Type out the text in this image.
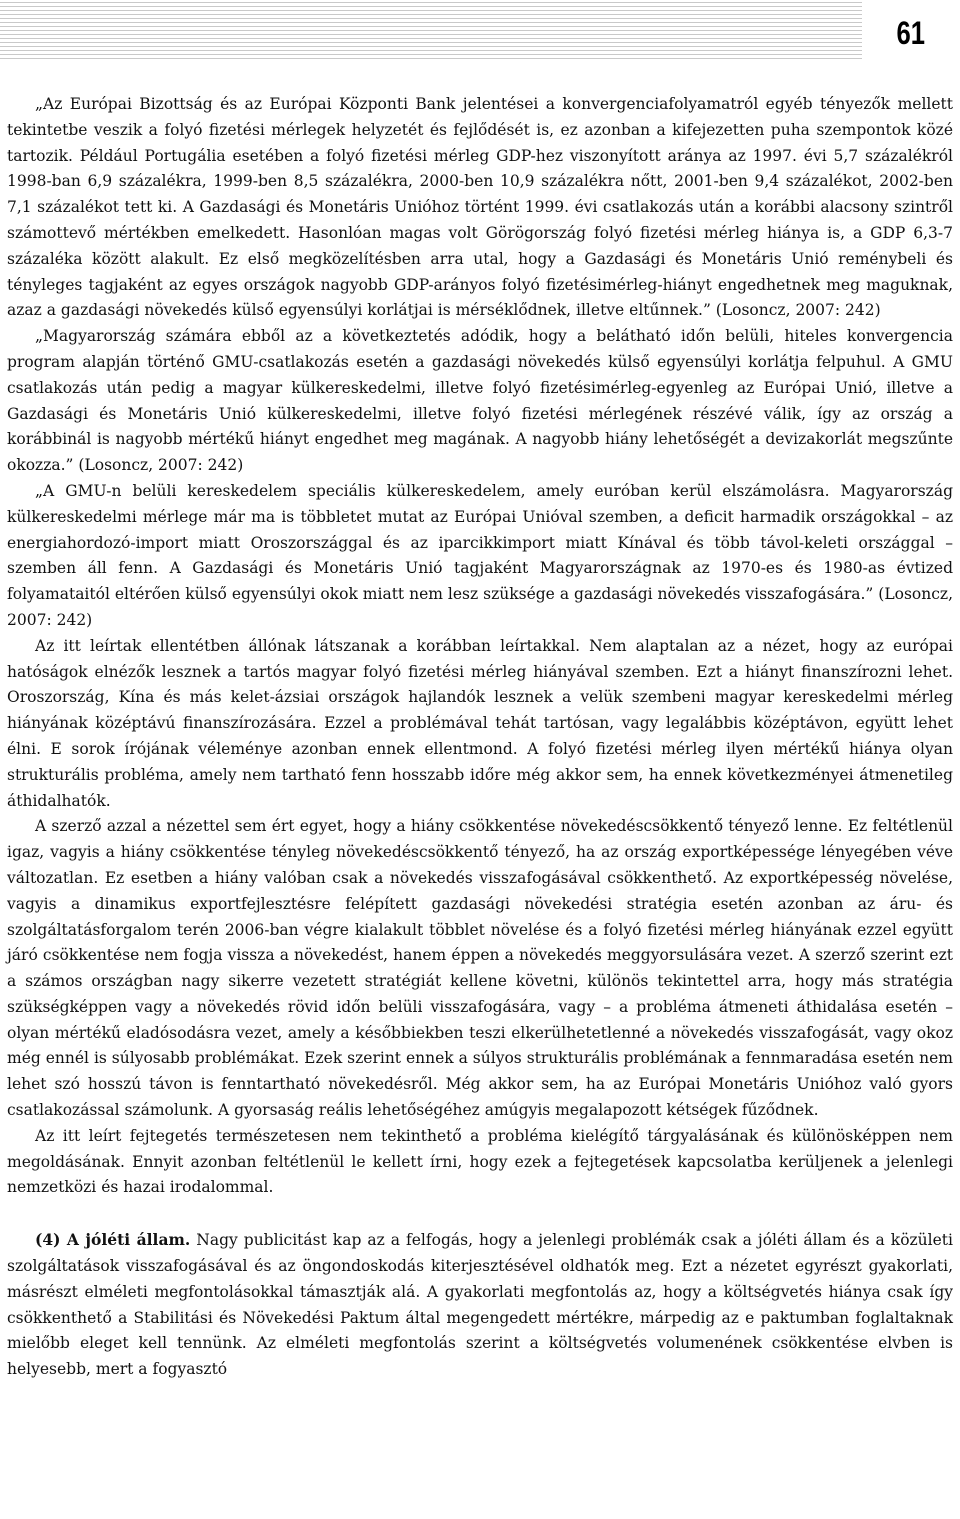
61

„Az Európai Bizottság és az Európai Központi Bank jelentései a konvergenciafolyamatról egyéb tényezők mellett tekintetbe veszik a folyó fizetési mérlegek helyzetét és fejlődését is, ez azonban a kifejezetten puha szempontok közé tartozik. Például Portugália esetében a folyó fizetési mérleg GDP-hez viszonyított aránya az 1997. évi 5,7 százalékról 1998-ban 6,9 százalékra, 1999-ben 8,5 százalékra, 2000-ben 10,9 százalékra nőtt, 2001-ben 9,4 százalékot, 2002-ben 7,1 százalékot tett ki. A Gazdasági és Monetáris Unióhoz történt 1999. évi csatlakozás után a korábbi alacsony szintről számottevő mértékben emelkedett. Hasonlóan magas volt Görögország folyó fizetési mérleg hiánya is, a GDP 6,3-7 százaléka között alakult. Ez első megközelítésben arra utal, hogy a Gazdasági és Monetáris Unió reménybeli és tényleges tagjaként az egyes országok nagyobb GDP-arányos folyó fizetésimérleg-hiányt engedhetnek meg maguknak, azaz a gazdasági növekedés külső egyensúlyi korlátjai is mérséklődnek, illetve eltűnnek.” (Losoncz, 2007: 242)

„Magyarország számára ebből az a következtetés adódik, hogy a belátható időn belüli, hiteles konvergencia program alapján történő GMU-csatlakozás esetén a gazdasági növekedés külső egyensúlyi korlátja felpuhul. A GMU csatlakozás után pedig a magyar külkereskedelmi, illetve folyó fizetésimérleg-egyenleg az Európai Unió, illetve a Gazdasági és Monetáris Unió külkereskedelmi, illetve folyó fizetési mérlegének részévé válik, így az ország a korábbinál is nagyobb mértékű hiányt engedhet meg magának. A nagyobb hiány lehetőségét a devizakorlát megszűnte okozza.” (Losoncz, 2007: 242)

„A GMU-n belüli kereskedelem speciális külkereskedelem, amely euróban kerül elszámolásra. Magyarország külkereskedelmi mérlege már ma is többletet mutat az Európai Unióval szemben, a deficit harmadik országokkal – az energiahordozó-import miatt Oroszországgal és az iparcikkimport miatt Kínával és több távol-keleti országgal – szemben áll fenn. A Gazdasági és Monetáris Unió tagjaként Magyarországnak az 1970-es és 1980-as évtized folyamataitól eltérően külső egyensúlyi okok miatt nem lesz szüksége a gazdasági növekedés visszafogására.” (Losoncz, 2007: 242)

Az itt leírtak ellentétben állónak látszanak a korábban leírtakkal. Nem alaptalan az a nézet, hogy az európai hatóságok elnézők lesznek a tartós magyar folyó fizetési mérleg hiányával szemben. Ezt a hiányt finanszírozni lehet. Oroszország, Kína és más kelet-ázsiai országok hajlandók lesznek a velük szembeni magyar kereskedelmi mérleg hiányának középtávú finanszírozására. Ezzel a problémával tehát tartósan, vagy legalábbis középtávon, együtt lehet élni. E sorok írójának véleménye azonban ennek ellentmond. A folyó fizetési mérleg ilyen mértékű hiánya olyan strukturális probléma, amely nem tartható fenn hosszabb időre még akkor sem, ha ennek következményei átmenetileg áthidalhatók.

A szerző azzal a nézettel sem ért egyet, hogy a hiány csökkentése növekedéscsökkentő tényező lenne. Ez feltétlenül igaz, vagyis a hiány csökkentése tényleg növekedéscsökkentő tényező, ha az ország exportképessége lényegében véve változatlan. Ez esetben a hiány valóban csak a növekedés visszafogásával csökkenthető. Az exportképesség növelése, vagyis a dinamikus exportfejlesztésre felépített gazdasági növekedési stratégia esetén azonban az áru- és szolgáltatásforgalom terén 2006-ban végre kialakult többlet növelése és a folyó fizetési mérleg hiányának ezzel együtt járó csökkentése nem fogja vissza a növekedést, hanem éppen a növekedés meggyorsulására vezet. A szerző szerint ezt a számos országban nagy sikerre vezetett stratégiát kellene követni, különös tekintettel arra, hogy más stratégia szükségképpen vagy a növekedés rövid időn belüli visszafogására, vagy – a probléma átmeneti áthidalása esetén – olyan mértékű eladósodásra vezet, amely a későbbiekben teszi elkerülhetetlenné a növekedés visszafogását, vagy okoz még ennél is súlyosabb problémákat. Ezek szerint ennek a súlyos strukturális problémának a fennmaradása esetén nem lehet szó hosszú távon is fenntartható növekedésről. Még akkor sem, ha az Európai Monetáris Unióhoz való gyors csatlakozással számolunk. A gyorsaság reális lehetőségéhez amúgyis megalapozott kétségek fűződnek.

Az itt leírt fejtegetés természetesen nem tekinthető a probléma kielégítő tárgyalásának és különösképpen nem megoldásának. Ennyit azonban feltétlenül le kellett írni, hogy ezek a fejtegetések kapcsolatba kerüljenek a jelenlegi nemzetközi és hazai irodalommal.

(4) A jóléti állam. Nagy publicitást kap az a felfogás, hogy a jelenlegi problémák csak a jóléti állam és a közületi szolgáltatások visszafogásával és az öngondoskodás kiterjesztésével oldhatók meg. Ezt a nézetet egyrészt gyakorlati, másrészt elméleti megfontolásokkal támasztják alá. A gyakorlati megfontolás az, hogy a költségvetés hiánya csak így csökkenthető a Stabilitási és Növekedési Paktum által megengedett mértékre, márpedig az e paktumban foglaltaknak mielőbb eleget kell tennünk. Az elméleti megfontolás szerint a költségvetés volumenének csökkentése elvben is helyesebb, mert a fogyasztó
